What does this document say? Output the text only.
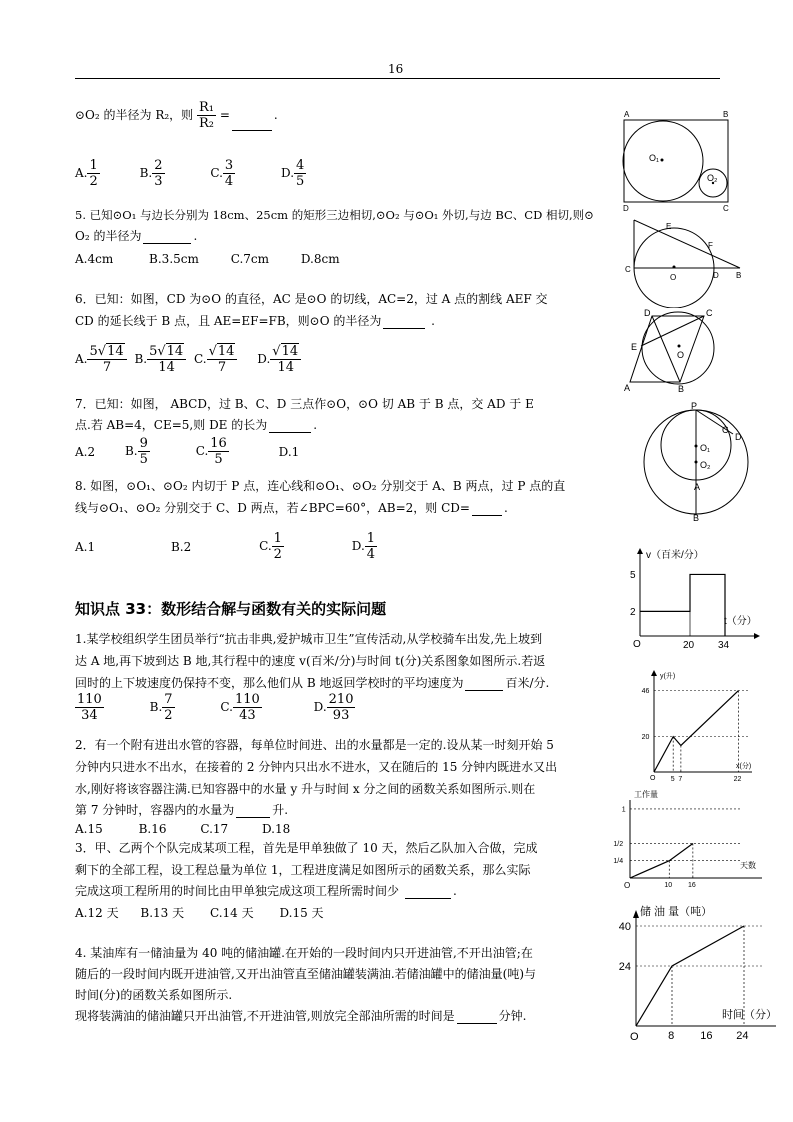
16
⊙O₂ 的半径为 R₂，则 $\frac{\text{R₁}}{\text{R₂}}$ =	.
A. $\frac{1}{2}$	B. $\frac{2}{3}$	C. $\frac{3}{4}$	D. $\frac{4}{5}$
5. 已知⊙O₁ 与边长分别为 18cm、25cm 的矩形三边相切,⊙O₂ 与⊙O₁ 外切,与边 BC、CD 相切,则⊙
O₂ 的半径为	.
A.4cm	B.3.5cm	C.7cm	D.8cm
6．已知：如图，CD 为⊙O 的直径，AC 是⊙O 的切线，AC=2，过 A 点的割线 AEF 交
CD 的延长线于 B 点，且 AE=EF=FB，则⊙O 的半径为	.
A. $\frac{5√14}{7} B$. $\frac{5√14}{14} C$. $\frac{√14}{7} D$. $\frac{√14}{14}$
7．已知：如图， ABCD，过 B、C、D 三点作⊙O，⊙O 切 AB 于 B 点，交 AD 于 E
点.若 AB=4，CE=5,则 DE 的长为	.
A.2 B. $\frac{9}{5}$	C. $\frac{16}{5}$	D.1
8. 如图，⊙O₁、⊙O₂ 内切于 P 点，连心线和⊙O₁、⊙O₂ 分别交于 A、B 两点，过 P 点的直
线与⊙O₁、⊙O₂ 分别交于 C、D 两点，若∠BPC=60°，AB=2，则 CD=	.
A.1	B.2	C. $\frac{1}{2}$	D. $\frac{1}{4}$
知识点 33：数形结合解与函数有关的实际问题
1.某学校组织学生团员举行“抗击非典,爱护城市卫生”宣传活动,从学校骑车出发,先上坡到
达 A 地,再下坡到达 B 地,其行程中的速度 v(百米/分)与时间 t(分)关系图象如图所示.若返
回时的上下坡速度仍保持不变，那么他们从 B 地返回学校时的平均速度为	百米/分.
$\frac{110}{34}$	B. $\frac{7}{2}$	C. $\frac{110}{43}$	D. $\frac{210}{93}$
2．有一个附有进出水管的容器，每单位时间进、出的水量都是一定的.设从某一时刻开始 5
分钟内只进水不出水，在接着的 2 分钟内只出水不进水，又在随后的 15 分钟内既进水又出
水,刚好将该容器注满.已知容器中的水量 y 升与时间 x 分之间的函数关系如图所示.则在
第 7 分钟时，容器内的水量为	升.
A.15	B.16	C.17	D.18
3．甲、乙两个个队完成某项工程，首先是甲单独做了 10 天，然后乙队加入合做，完成
剩下的全部工程，设工程总量为单位 1，工程进度满足如图所示的函数关系，那么实际
完成这项工程所用的时间比由甲单独完成这项工程所需时间少	.
A.12 天 B.13 天 C.14 天 D.15 天
4. 某油库有一储油量为 40 吨的储油罐.在开始的一段时间内只开进油管,不开出油管;在
随后的一段时间内既开进油管,又开出油管直至储油罐装满油.若储油罐中的储油量(吨)与
时间(分)的函数关系如图所示.
现将装满油的储油罐只开出油管,不开进油管,则放完全部油所需的时间是	分钟.
A	B
D	C
O₁
O₂
E
F
C
D B
O
D	C
E
O
A	B
P
C
D
O₁
O₂
A
B
v（百米/分）
t（分）
O	20 34
2
5
y(升)
x(分)
O 5 7	22
20
46
工作量
天数
O	10 16
1/4
1/2
1
储 油 量（吨）
时间（分）
O	8 16 24
24
40
